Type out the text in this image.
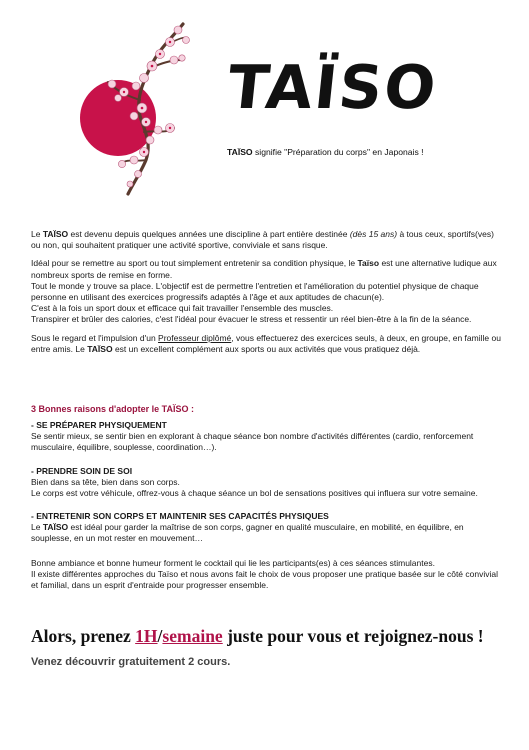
TAÏSO
TAÏSO signifie "Préparation du corps" en Japonais !

Le TAÏSO est devenu depuis quelques années une discipline à part entière destinée (dès 15 ans) à tous ceux, sportifs(ves) ou non, qui souhaitent pratiquer une activité sportive, conviviale et sans risque.

Idéal pour se remettre au sport ou tout simplement entretenir sa condition physique, le Taïso est une alternative ludique aux nombreux sports de remise en forme.
Tout le monde y trouve sa place. L'objectif est de permettre l'entretien et l'amélioration du potentiel physique de chaque personne en utilisant des exercices progressifs adaptés à l'âge et aux aptitudes de chacun(e).
C'est à la fois un sport doux et efficace qui fait travailler l'ensemble des muscles.
Transpirer et brûler des calories, c'est l'idéal pour évacuer le stress et ressentir un réel bien-être à la fin de la séance.

Sous le regard et l'impulsion d'un Professeur diplômé, vous effectuerez des exercices seuls, à deux, en groupe, en famille ou entre amis. Le TAÏSO est un excellent complément aux sports ou aux activités que vous pratiquez déjà.

3 Bonnes raisons d'adopter le TAÏSO :
- SE PRÉPARER PHYSIQUEMENT
Se sentir mieux, se sentir bien en explorant à chaque séance bon nombre d'activités différentes (cardio, renforcement musculaire, équilibre, souplesse, coordination…).
- PRENDRE SOIN DE SOI
Bien dans sa tête, bien dans son corps.
Le corps est votre véhicule, offrez-vous à chaque séance un bol de sensations positives qui influera sur votre semaine.
- ENTRETENIR SON CORPS ET MAINTENIR SES CAPACITÉS PHYSIQUES
Le TAÏSO est idéal pour garder la maîtrise de son corps, gagner en qualité musculaire, en mobilité, en équilibre, en souplesse, en un mot rester en mouvement…
Bonne ambiance et bonne humeur forment le cocktail qui lie les participants(es) à ces séances stimulantes.
Il existe différentes approches du Taïso et nous avons fait le choix de vous proposer une pratique basée sur le côté convivial et familial, dans un esprit d'entraide pour progresser ensemble.
Alors, prenez 1H/semaine juste pour vous et rejoignez-nous !
Venez découvrir gratuitement 2 cours.
